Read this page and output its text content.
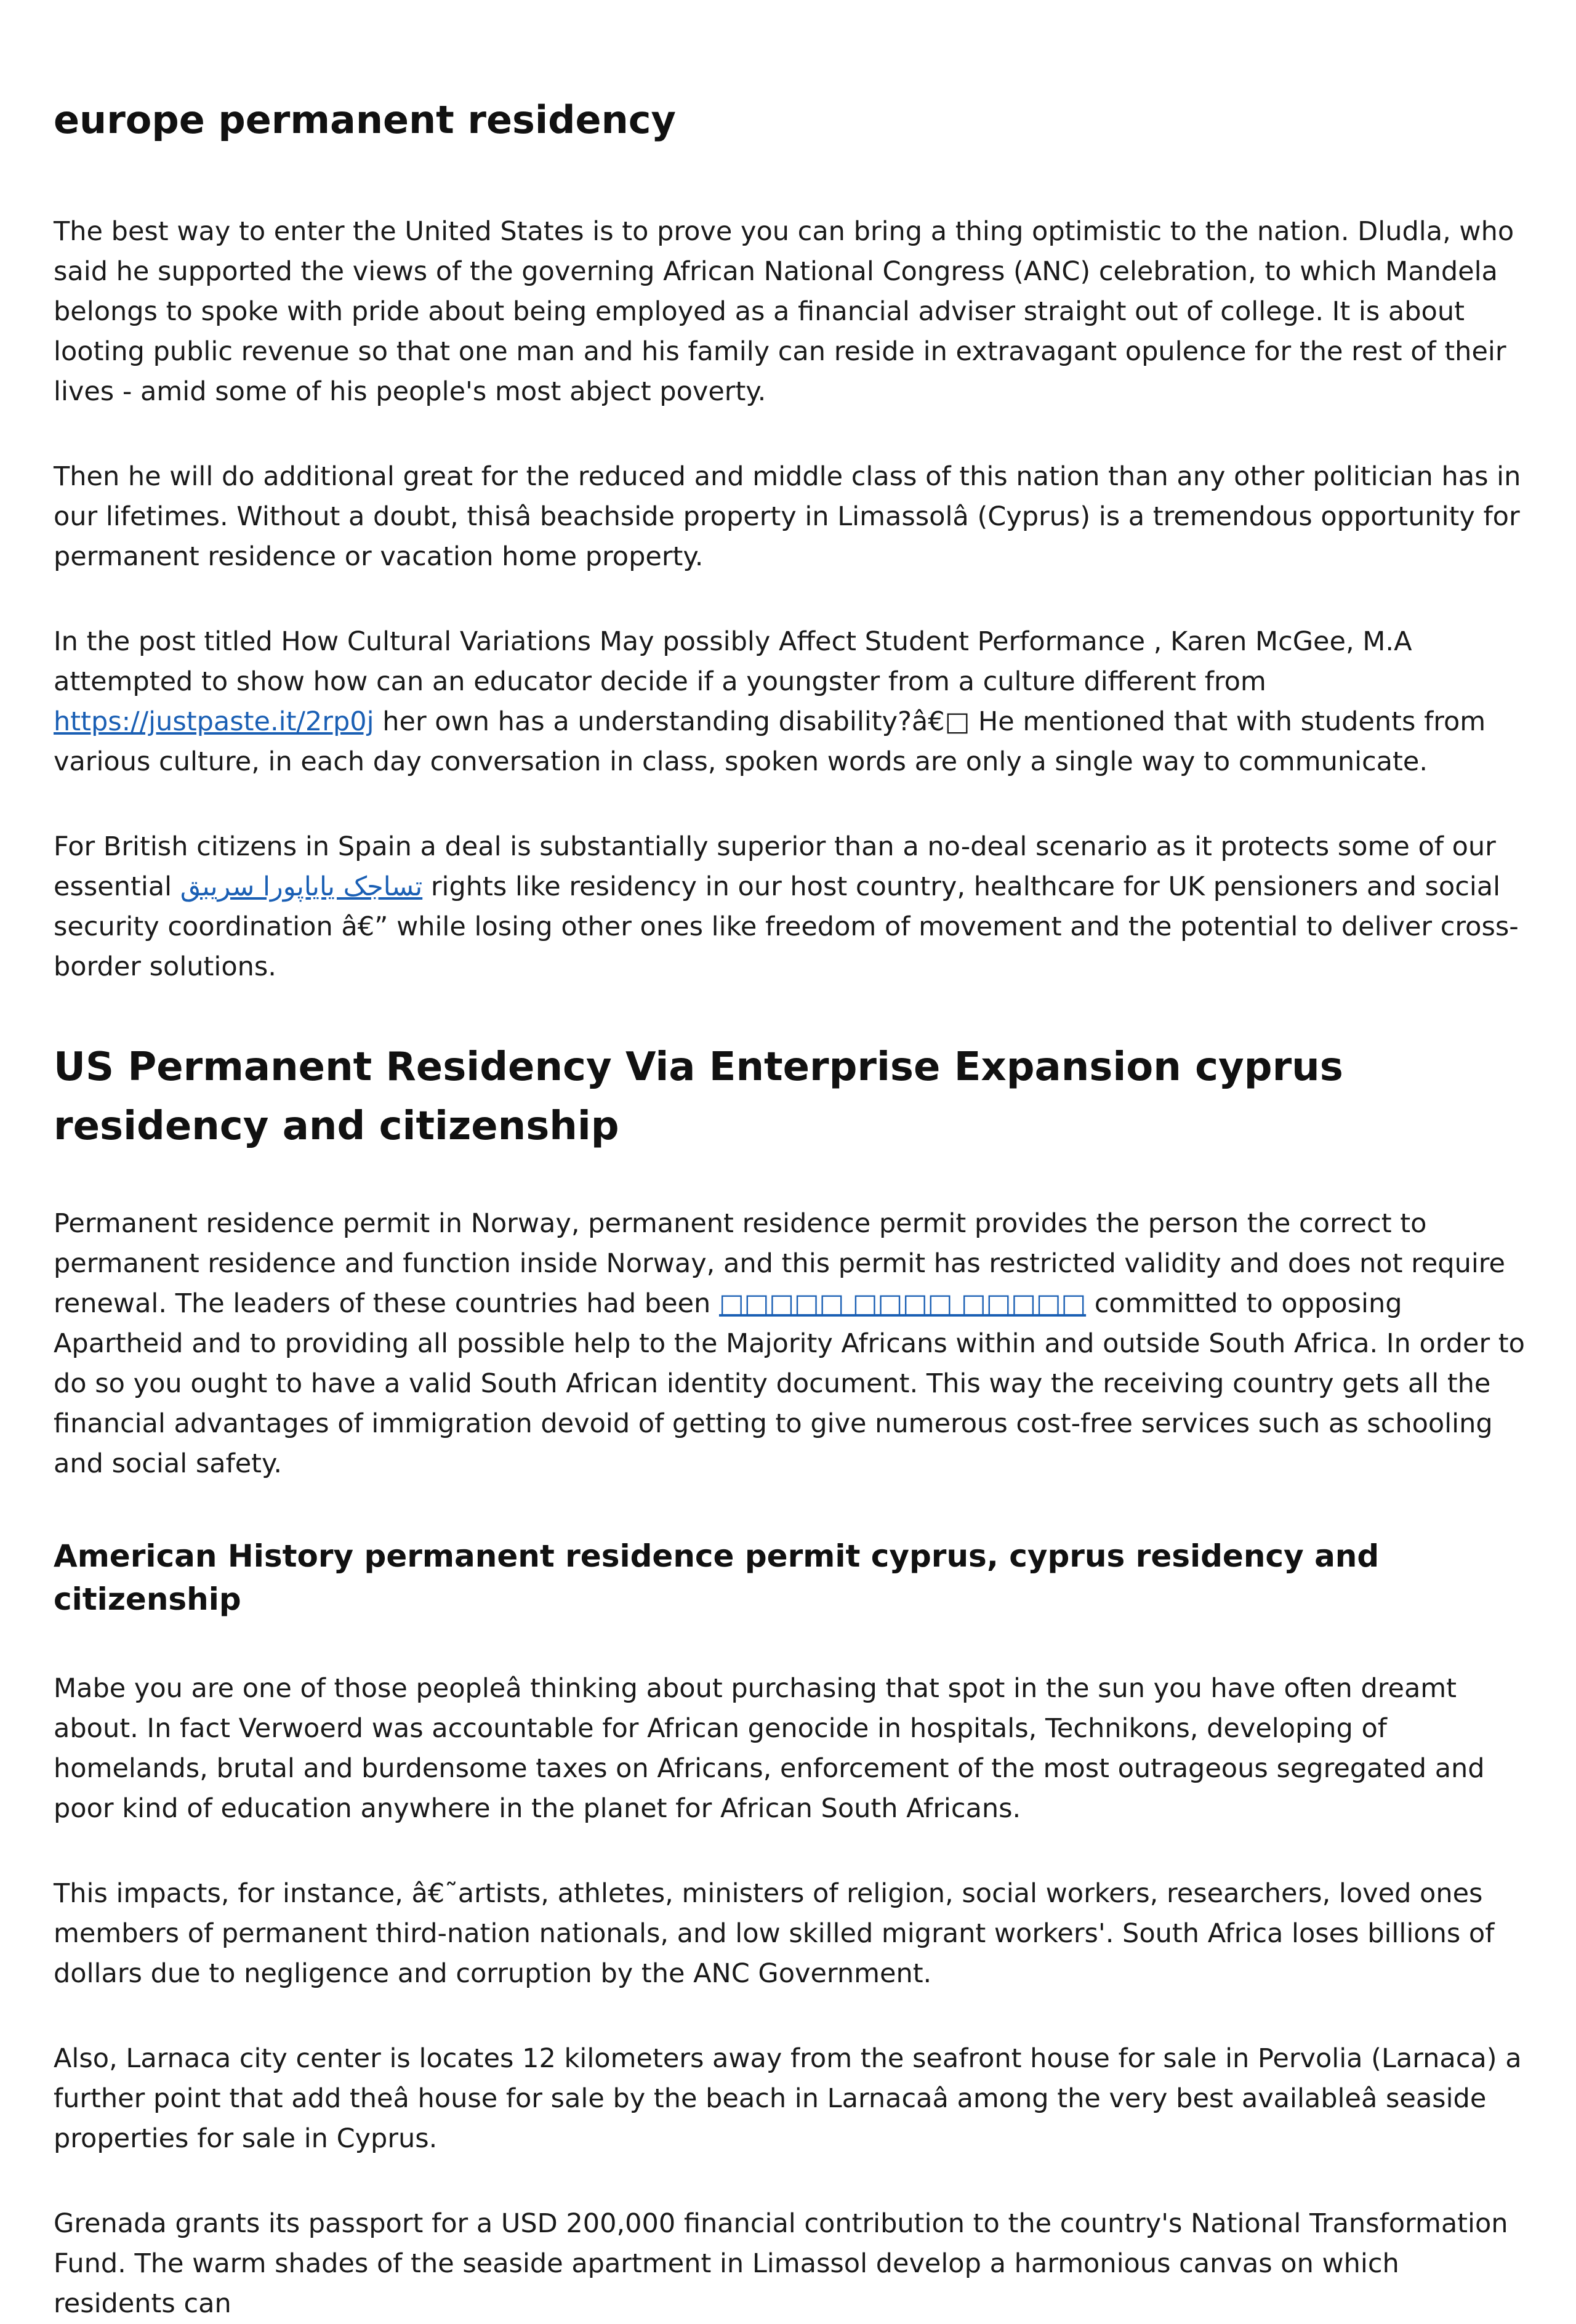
europe permanent residency

The best way to enter the United States is to prove you can bring a thing optimistic to the nation. Dludla, who said he supported the views of the governing African National Congress (ANC) celebration, to which Mandela belongs to spoke with pride about being employed as a financial adviser straight out of college. It is about looting public revenue so that one man and his family can reside in extravagant opulence for the rest of their lives - amid some of his people's most abject poverty.

Then he will do additional great for the reduced and middle class of this nation than any other politician has in our lifetimes. Without a doubt, thisâ beachside property in Limassolâ (Cyprus) is a tremendous opportunity for permanent residence or vacation home property.

In the post titled How Cultural Variations May possibly Affect Student Performance , Karen McGee, M.A attempted to show how can an educator decide if a youngster from a culture different from https://justpaste.it/2rp0j her own has a understanding disability?â€□ He mentioned that with students from various culture, in each day conversation in class, spoken words are only a single way to communicate.

For British citizens in Spain a deal is substantially superior than a no-deal scenario as it protects some of our essential تسا‌جک یا‌یاپورا سریبق rights like residency in our host country, healthcare for UK pensioners and social security coordination â€” while losing other ones like freedom of movement and the potential to deliver cross-border solutions.

US Permanent Residency Via Enterprise Expansion cyprus residency and citizenship

Permanent residence permit in Norway, permanent residence permit provides the person the correct to permanent residence and function inside Norway, and this permit has restricted validity and does not require renewal. The leaders of these countries had been □□□□□ □□□□ □□□□□ committed to opposing Apartheid and to providing all possible help to the Majority Africans within and outside South Africa. In order to do so you ought to have a valid South African identity document. This way the receiving country gets all the financial advantages of immigration devoid of getting to give numerous cost-free services such as schooling and social safety.

American History permanent residence permit cyprus, cyprus residency and citizenship

Mabe you are one of those peopleâ thinking about purchasing that spot in the sun you have often dreamt about. In fact Verwoerd was accountable for African genocide in hospitals, Technikons, developing of homelands, brutal and burdensome taxes on Africans, enforcement of the most outrageous segregated and poor kind of education anywhere in the planet for African South Africans.

This impacts, for instance, â€˜artists, athletes, ministers of religion, social workers, researchers, loved ones members of permanent third-nation nationals, and low skilled migrant workers'. South Africa loses billions of dollars due to negligence and corruption by the ANC Government.

Also, Larnaca city center is locates 12 kilometers away from the seafront house for sale in Pervolia (Larnaca) a further point that add theâ house for sale by the beach in Larnacaâ among the very best availableâ seaside properties for sale in Cyprus.

Grenada grants its passport for a USD 200,000 financial contribution to the country's National Transformation Fund. The warm shades of the seaside apartment in Limassol develop a harmonious canvas on which residents can
